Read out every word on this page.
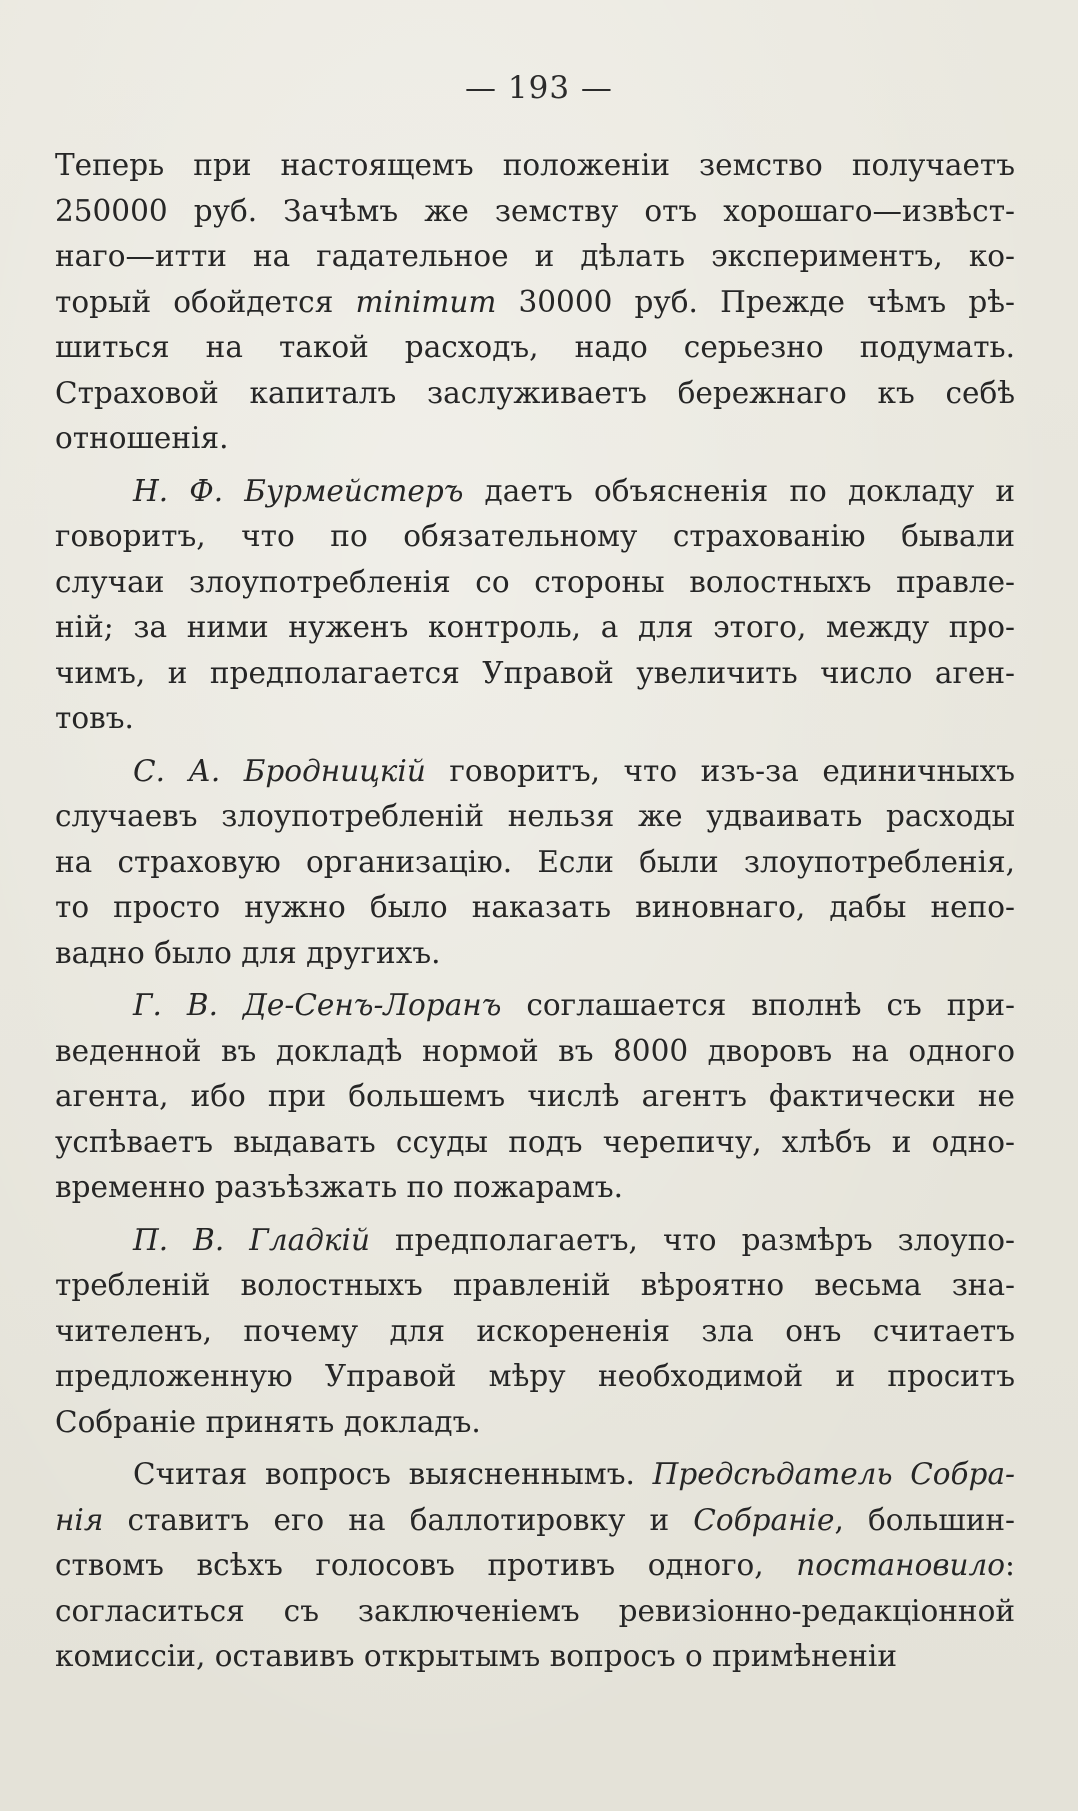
— 193 —
Теперь при настоящемъ положеніи земство получаетъ
250000 руб. Зачѣмъ же земству отъ хорошаго—извѣст-
наго—итти на гадательное и дѣлать экспериментъ, ко-
торый обойдется minimum 30000 руб. Прежде чѣмъ рѣ-
шиться на такой расходъ, надо серьезно подумать.
Страховой капиталъ заслуживаетъ бережнаго къ себѣ
отношенія.
Н. Ф. Бурмейстеръ даетъ объясненія по докладу и
говоритъ, что по обязательному страхованію бывали
случаи злоупотребленія со стороны волостныхъ правле-
ній; за ними нуженъ контроль, а для этого, между про-
чимъ, и предполагается Управой увеличить число аген-
товъ.
С. А. Бродницкій говоритъ, что изъ-за единичныхъ
случаевъ злоупотребленій нельзя же удваивать расходы
на страховую организацію. Если были злоупотребленія,
то просто нужно было наказать виновнаго, дабы непо-
вадно было для другихъ.
Г. В. Де-Сенъ-Лоранъ соглашается вполнѣ съ при-
веденной въ докладѣ нормой въ 8000 дворовъ на одного
агента, ибо при большемъ числѣ агентъ фактически не
успѣваетъ выдавать ссуды подъ черепичу, хлѣбъ и одно-
временно разъѣзжать по пожарамъ.
П. В. Гладкій предполагаетъ, что размѣръ злоупо-
требленій волостныхъ правленій вѣроятно весьма зна-
чителенъ, почему для искорененія зла онъ считаетъ
предложенную Управой мѣру необходимой и проситъ
Собраніе принять докладъ.
Считая вопросъ выясненнымъ. Предсѣдатель Собра-
нія ставитъ его на баллотировку и Собраніе, большин-
ствомъ всѣхъ голосовъ противъ одного, постановило:
согласиться съ заключеніемъ ревизіонно-редакціонной
комиссіи, оставивъ открытымъ вопросъ о примѣненіи
